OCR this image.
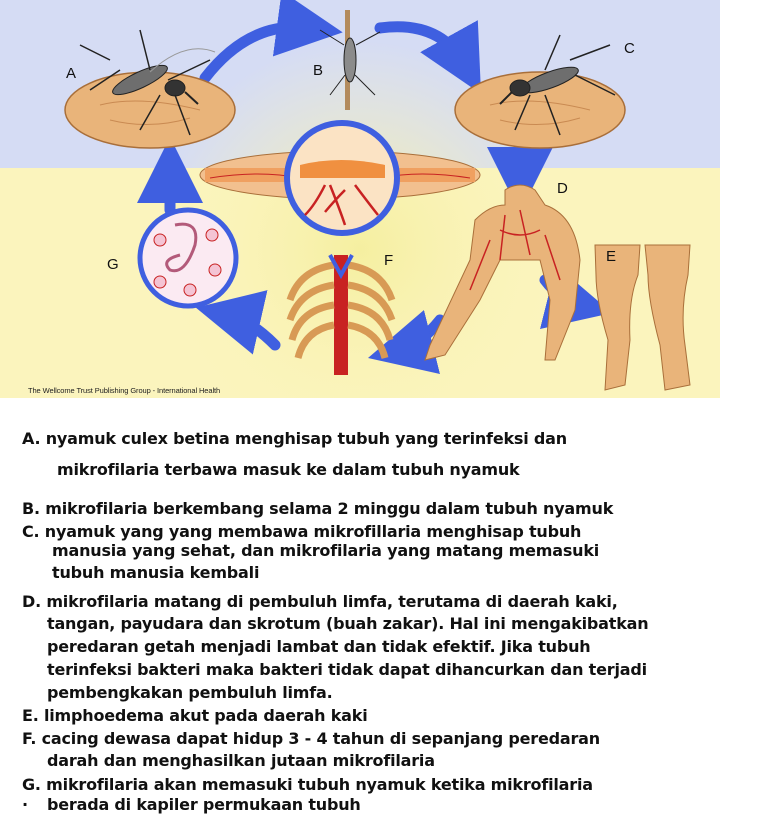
A	B
C
D
E
F
G
The Wellcome Trust Publishing Group - International Health
A. nyamuk culex betina menghisap tubuh yang terinfeksi dan
mikrofilaria terbawa masuk ke dalam tubuh nyamuk
B. mikrofilaria berkembang selama 2 minggu dalam tubuh nyamuk
C. nyamuk yang yang membawa mikrofillaria menghisap tubuh
manusia yang sehat, dan mikrofilaria yang matang memasuki
tubuh manusia kembali
D. mikrofilaria matang di pembuluh limfa, terutama di daerah kaki,
tangan, payudara dan skrotum (buah zakar). Hal ini mengakibatkan
peredaran getah menjadi lambat dan tidak efektif. Jika tubuh
terinfeksi bakteri maka bakteri tidak dapat dihancurkan dan terjadi
pembengkakan pembuluh limfa.
E. limphoedema akut pada daerah kaki
F. cacing dewasa dapat hidup 3 - 4 tahun di sepanjang peredaran
darah dan menghasilkan jutaan mikrofilaria
G. mikrofilaria akan memasuki tubuh nyamuk ketika mikrofilaria
· berada di kapiler permukaan tubuh
